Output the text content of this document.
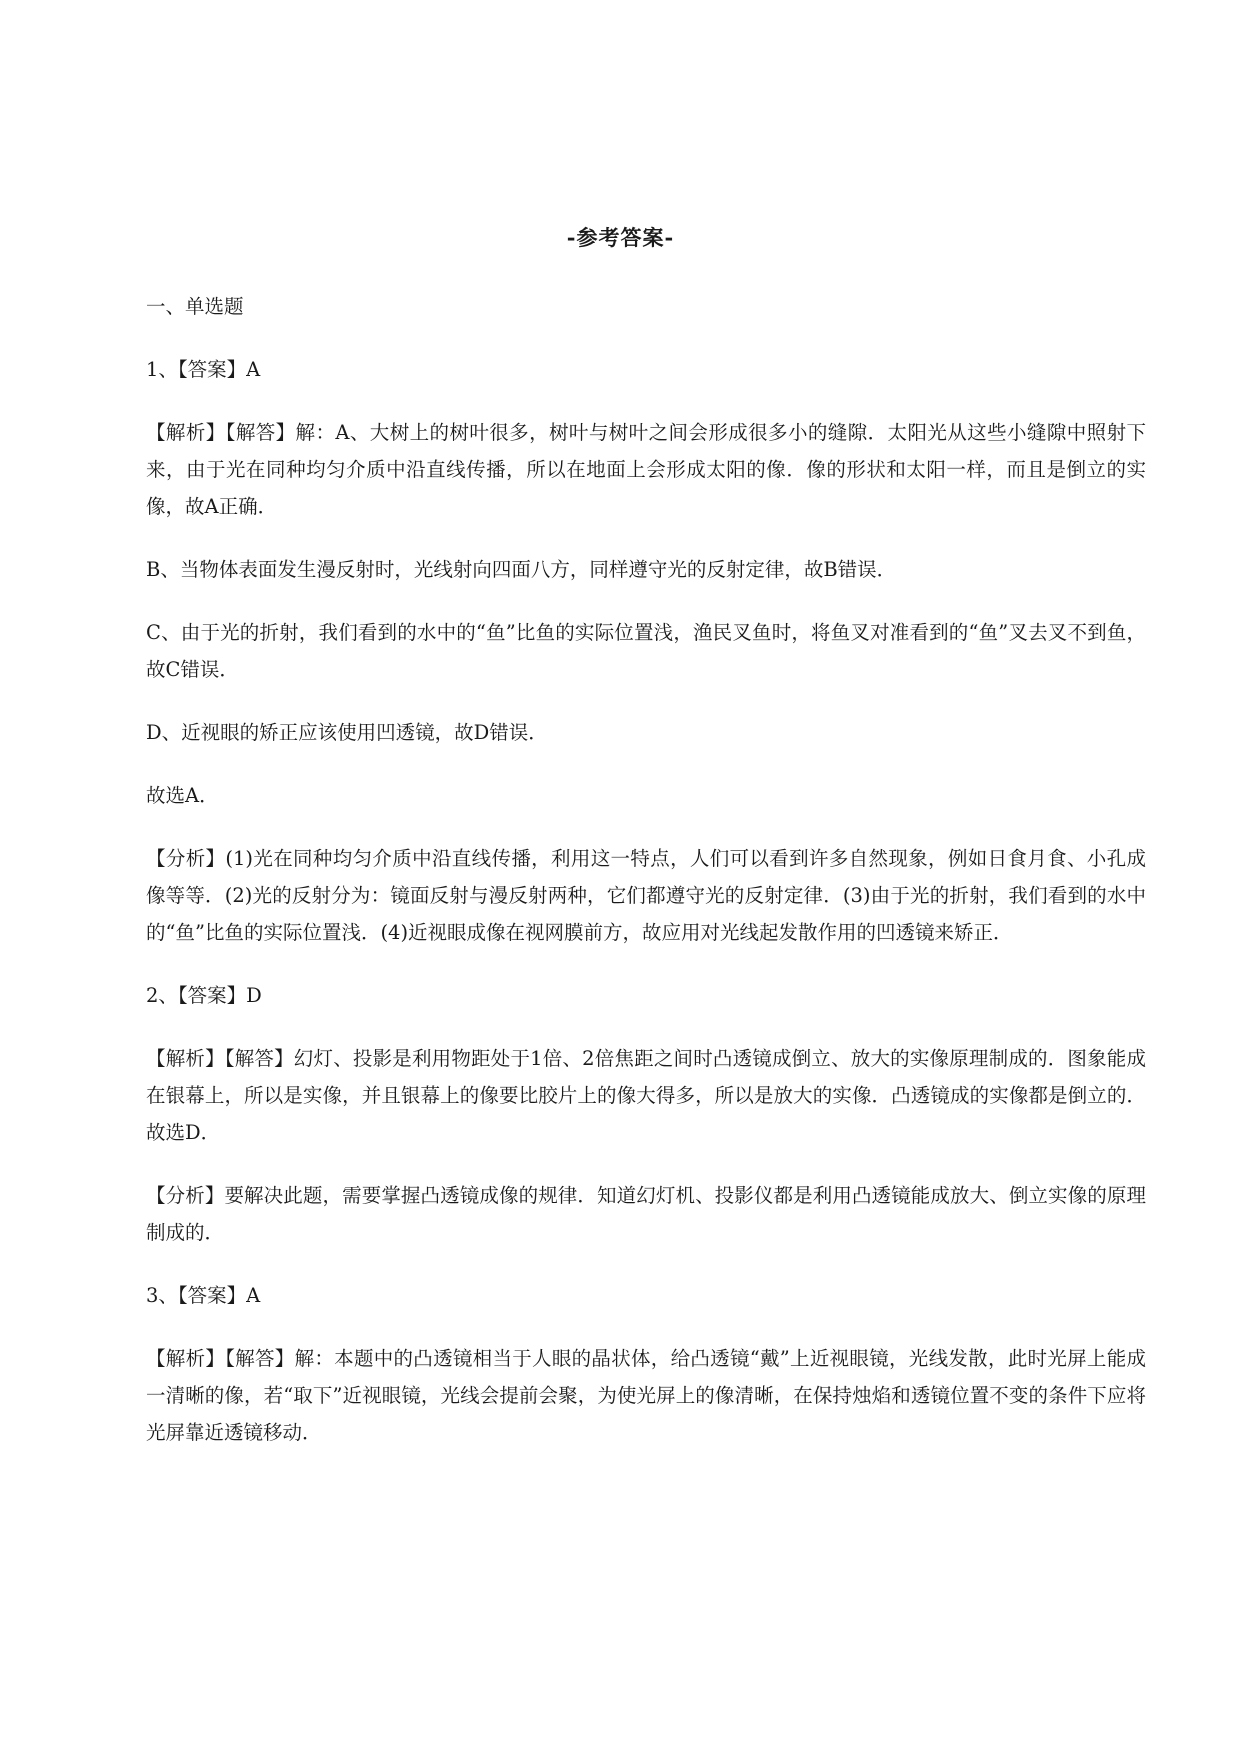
-参考答案-

一、单选题

1、【答案】A

【解析】【解答】解：A、大树上的树叶很多，树叶与树叶之间会形成很多小的缝隙．太阳光从这些小缝隙中照射下来，由于光在同种均匀介质中沿直线传播，所以在地面上会形成太阳的像．像的形状和太阳一样，而且是倒立的实像，故A正确．

B、当物体表面发生漫反射时，光线射向四面八方，同样遵守光的反射定律，故B错误．

C、由于光的折射，我们看到的水中的“鱼”比鱼的实际位置浅，渔民叉鱼时，将鱼叉对准看到的“鱼”叉去叉不到鱼，故C错误．

D、近视眼的矫正应该使用凹透镜，故D错误．

故选A．

【分析】(1)光在同种均匀介质中沿直线传播，利用这一特点，人们可以看到许多自然现象，例如日食月食、小孔成像等等．(2)光的反射分为：镜面反射与漫反射两种，它们都遵守光的反射定律．(3)由于光的折射，我们看到的水中的“鱼”比鱼的实际位置浅．(4)近视眼成像在视网膜前方，故应用对光线起发散作用的凹透镜来矫正．

2、【答案】D

【解析】【解答】幻灯、投影是利用物距处于1倍、2倍焦距之间时凸透镜成倒立、放大的实像原理制成的．图象能成在银幕上，所以是实像，并且银幕上的像要比胶片上的像大得多，所以是放大的实像．凸透镜成的实像都是倒立的．故选D．

【分析】要解决此题，需要掌握凸透镜成像的规律．知道幻灯机、投影仪都是利用凸透镜能成放大、倒立实像的原理制成的．

3、【答案】A

【解析】【解答】解：本题中的凸透镜相当于人眼的晶状体，给凸透镜“戴”上近视眼镜，光线发散，此时光屏上能成一清晰的像，若“取下”近视眼镜，光线会提前会聚，为使光屏上的像清晰，在保持烛焰和透镜位置不变的条件下应将光屏靠近透镜移动．
